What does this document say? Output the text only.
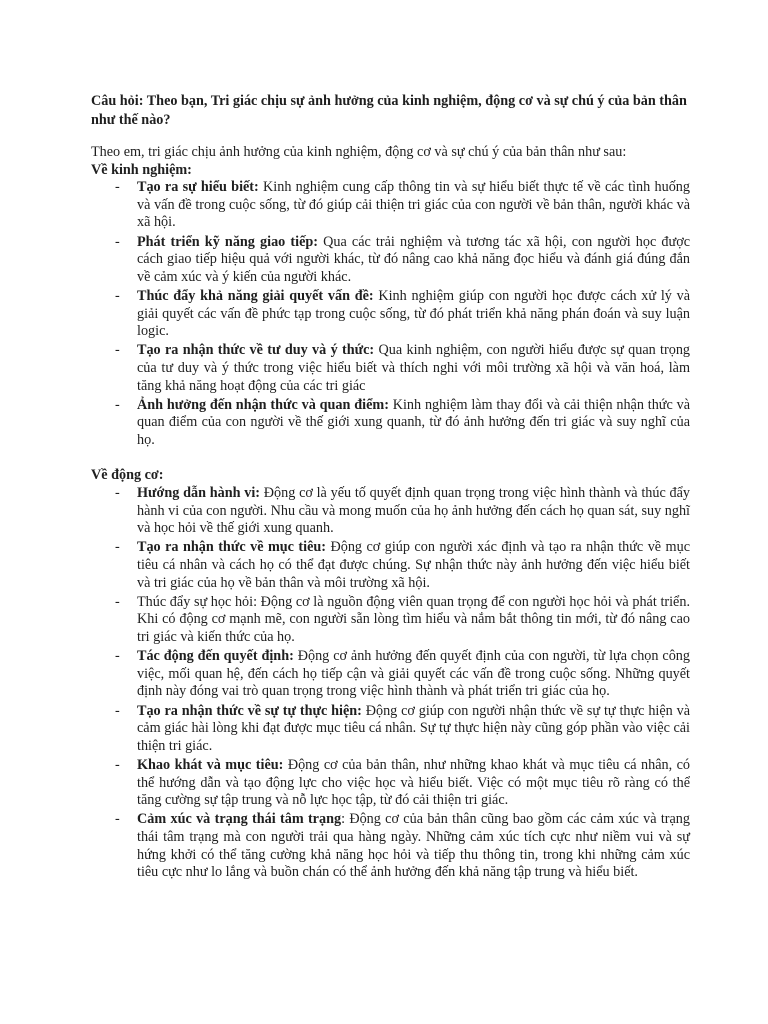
Câu hỏi: Theo bạn, Tri giác chịu sự ảnh hưởng của kinh nghiệm, động cơ và sự chú ý của bản thân như thế nào?

Theo em, tri giác chịu ảnh hưởng của kinh nghiệm, động cơ và sự chú ý của bản thân như sau:

Về kinh nghiệm:

- Tạo ra sự hiểu biết: Kinh nghiệm cung cấp thông tin và sự hiểu biết thực tế về các tình huống và vấn đề trong cuộc sống, từ đó giúp cải thiện tri giác của con người về bản thân, người khác và xã hội.
- Phát triển kỹ năng giao tiếp: Qua các trải nghiệm và tương tác xã hội, con người học được cách giao tiếp hiệu quả với người khác, từ đó nâng cao khả năng đọc hiểu và đánh giá đúng đắn về cảm xúc và ý kiến của người khác.
- Thúc đẩy khả năng giải quyết vấn đề: Kinh nghiệm giúp con người học được cách xử lý và giải quyết các vấn đề phức tạp trong cuộc sống, từ đó phát triển khả năng phán đoán và suy luận logic.
- Tạo ra nhận thức về tư duy và ý thức: Qua kinh nghiệm, con người hiểu được sự quan trọng của tư duy và ý thức trong việc hiểu biết và thích nghi với môi trường xã hội và văn hoá, làm tăng khả năng hoạt động của các tri giác
- Ảnh hưởng đến nhận thức và quan điểm: Kinh nghiệm làm thay đổi và cải thiện nhận thức và quan điểm của con người về thế giới xung quanh, từ đó ảnh hưởng đến tri giác và suy nghĩ của họ.

Về động cơ:

- Hướng dẫn hành vi: Động cơ là yếu tố quyết định quan trọng trong việc hình thành và thúc đẩy hành vi của con người. Nhu cầu và mong muốn của họ ảnh hưởng đến cách họ quan sát, suy nghĩ và học hỏi về thế giới xung quanh.
- Tạo ra nhận thức về mục tiêu: Động cơ giúp con người xác định và tạo ra nhận thức về mục tiêu cá nhân và cách họ có thể đạt được chúng. Sự nhận thức này ảnh hưởng đến việc hiểu biết và tri giác của họ về bản thân và môi trường xã hội.
- Thúc đẩy sự học hỏi: Động cơ là nguồn động viên quan trọng để con người học hỏi và phát triển. Khi có động cơ mạnh mẽ, con người sẵn lòng tìm hiểu và nắm bắt thông tin mới, từ đó nâng cao tri giác và kiến thức của họ.
- Tác động đến quyết định: Động cơ ảnh hưởng đến quyết định của con người, từ lựa chọn công việc, mối quan hệ, đến cách họ tiếp cận và giải quyết các vấn đề trong cuộc sống. Những quyết định này đóng vai trò quan trọng trong việc hình thành và phát triển tri giác của họ.
- Tạo ra nhận thức về sự tự thực hiện: Động cơ giúp con người nhận thức về sự tự thực hiện và cảm giác hài lòng khi đạt được mục tiêu cá nhân. Sự tự thực hiện này cũng góp phần vào việc cải thiện tri giác.
- Khao khát và mục tiêu: Động cơ của bản thân, như những khao khát và mục tiêu cá nhân, có thể hướng dẫn và tạo động lực cho việc học và hiểu biết. Việc có một mục tiêu rõ ràng có thể tăng cường sự tập trung và nỗ lực học tập, từ đó cải thiện tri giác.
- Cảm xúc và trạng thái tâm trạng: Động cơ của bản thân cũng bao gồm các cảm xúc và trạng thái tâm trạng mà con người trải qua hàng ngày. Những cảm xúc tích cực như niềm vui và sự hứng khởi có thể tăng cường khả năng học hỏi và tiếp thu thông tin, trong khi những cảm xúc tiêu cực như lo lắng và buồn chán có thể ảnh hưởng đến khả năng tập trung và hiểu biết.
